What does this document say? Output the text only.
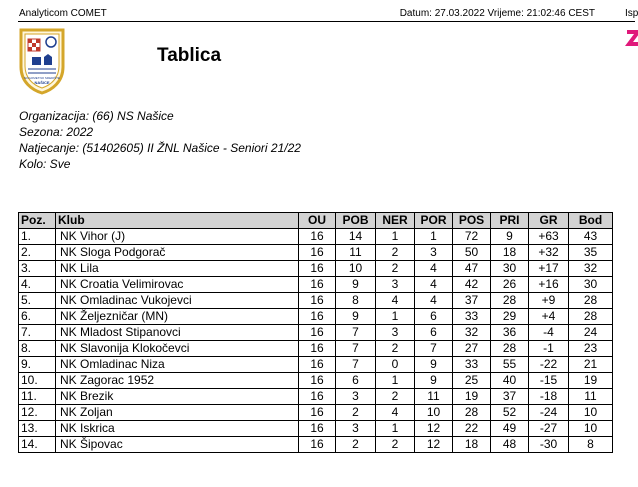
Analyticom COMET	Datum: 27.03.2022 Vrijeme: 21:02:46 CEST	Isp
NOGOMETNO SREDIŠTE
NAŠICE
Tablica
Organizacija: (66) NS Našice
Sezona: 2022
Natjecanje: (51402605) II ŽNL Našice - Seniori 21/22
Kolo: Sve
Poz.	Klub	OU	POB	NER	POR	POS	PRI	GR	Bod
1.	NK Vihor (J)	16	14	1	1	72	9	+63	43
2.	NK Sloga Podgorač	16	11	2	3	50	18	+32	35
3.	NK Lila	16	10	2	4	47	30	+17	32
4.	NK Croatia Velimirovac	16	9	3	4	42	26	+16	30
5.	NK Omladinac Vukojevci	16	8	4	4	37	28	+9	28
6.	NK Željezničar (MN)	16	9	1	6	33	29	+4	28
7.	NK Mladost Stipanovci	16	7	3	6	32	36	-4	24
8.	NK Slavonija Klokočevci	16	7	2	7	27	28	-1	23
9.	NK Omladinac Niza	16	7	0	9	33	55	-22	21
10.	NK Zagorac 1952	16	6	1	9	25	40	-15	19
11.	NK Brezik	16	3	2	11	19	37	-18	11
12.	NK Zoljan	16	2	4	10	28	52	-24	10
13.	NK Iskrica	16	3	1	12	22	49	-27	10
14.	NK Šipovac	16	2	2	12	18	48	-30	8
